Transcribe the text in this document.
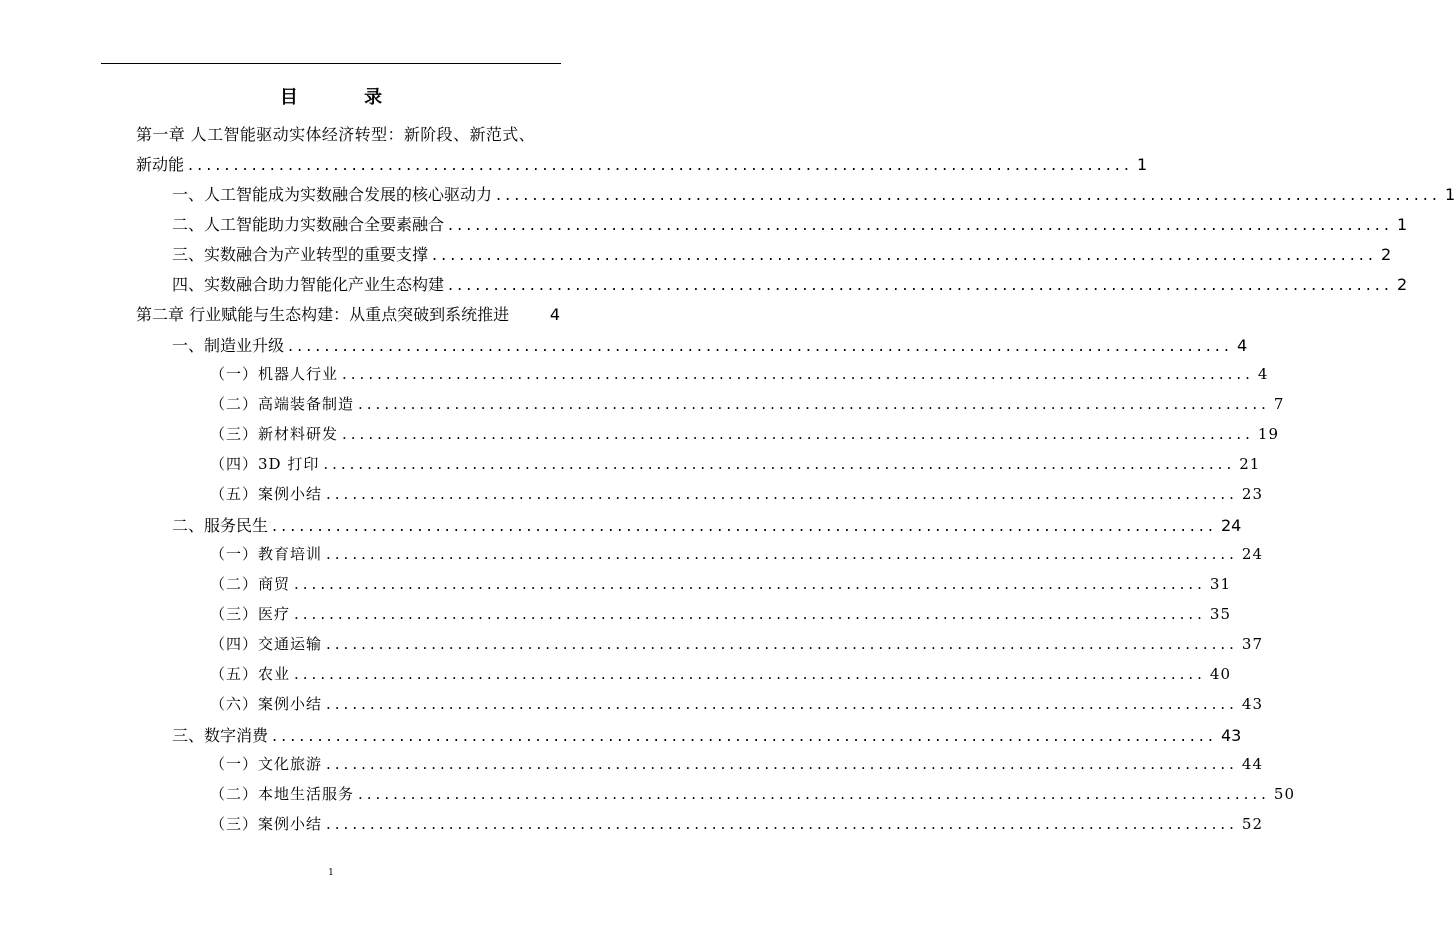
目 录
第一章 人工智能驱动实体经济转型：新阶段、新范式、
新动能 ........................................................................................................ 1
一、人工智能成为实数融合发展的核心驱动力 ........................................................................................................ 1
二、人工智能助力实数融合全要素融合 ........................................................................................................ 1
三、实数融合为产业转型的重要支撑 ........................................................................................................ 2
四、实数融合助力智能化产业生态构建 ........................................................................................................ 2
第二章 行业赋能与生态构建：从重点突破到系统推进	4
一、制造业升级 ........................................................................................................ 4
（一）机器人行业 ........................................................................................................ 4
（二）高端装备制造 ........................................................................................................ 7
（三）新材料研发 ........................................................................................................ 19
（四）3D 打印 ........................................................................................................ 21
（五）案例小结 ........................................................................................................ 23
二、服务民生 ........................................................................................................ 24
（一）教育培训 ........................................................................................................ 24
（二）商贸 ........................................................................................................ 31
（三）医疗 ........................................................................................................ 35
（四）交通运输 ........................................................................................................ 37
（五）农业 ........................................................................................................ 40
（六）案例小结 ........................................................................................................ 43
三、数字消费 ........................................................................................................ 43
（一）文化旅游 ........................................................................................................ 44
（二）本地生活服务 ........................................................................................................ 50
（三）案例小结 ........................................................................................................ 52
1
